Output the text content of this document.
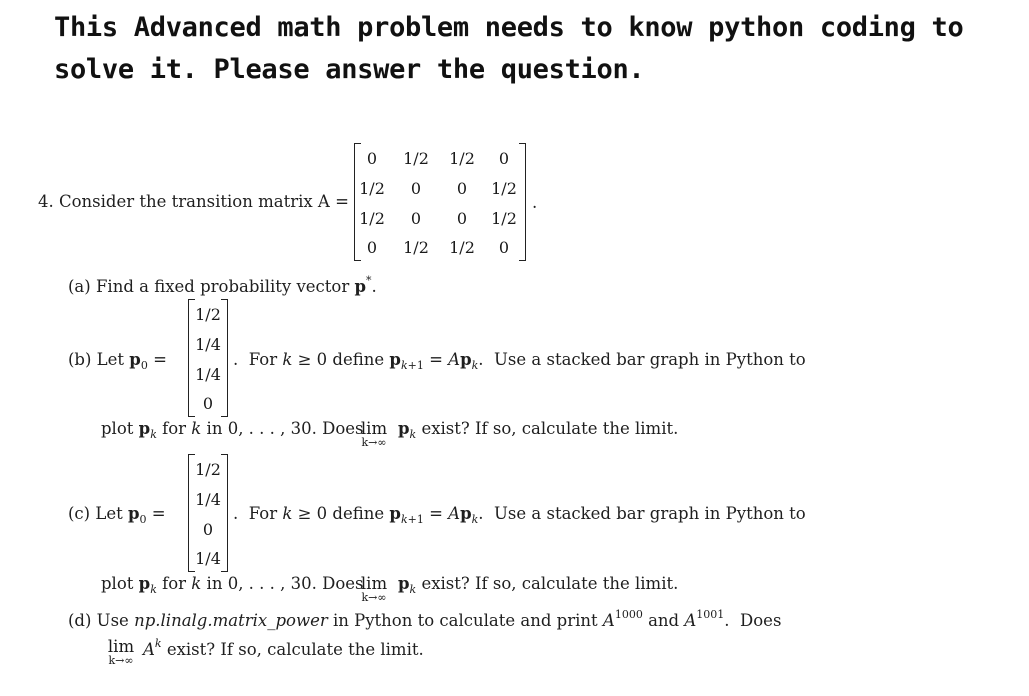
This Advanced math problem needs to know python coding to
solve it. Please answer the question.
4. Consider the transition matrix A =
0	1/2	1/2	0
1/2	0	0	1/2
1/2	0	0	1/2
0	1/2	1/2	0
.
(a) Find a fixed probability vector p*.
(b) Let $p_0$ =
1/2
1/4
1/4
0
.  For k ≥ 0 define $p_{k+1} = Ap_k$.  Use a stacked bar graph in Python to
plot $p_k$ for k in 0, . . . , 30. Does
lim
k→∞
$p_k$ exist? If so, calculate the limit.
(c) Let $p_0$ =
1/2
1/4
0
1/4
.  For k ≥ 0 define $p_{k+1} = Ap_k$.  Use a stacked bar graph in Python to
plot $p_k$ for k in 0, . . . , 30. Does
lim
k→∞
$p_k$ exist? If so, calculate the limit.
(d) Use np.linalg.matrix_power in Python to calculate and print $A^{1000}$ and $A^{1001}$.  Does
lim
k→∞
$A^k$ exist? If so, calculate the limit.
